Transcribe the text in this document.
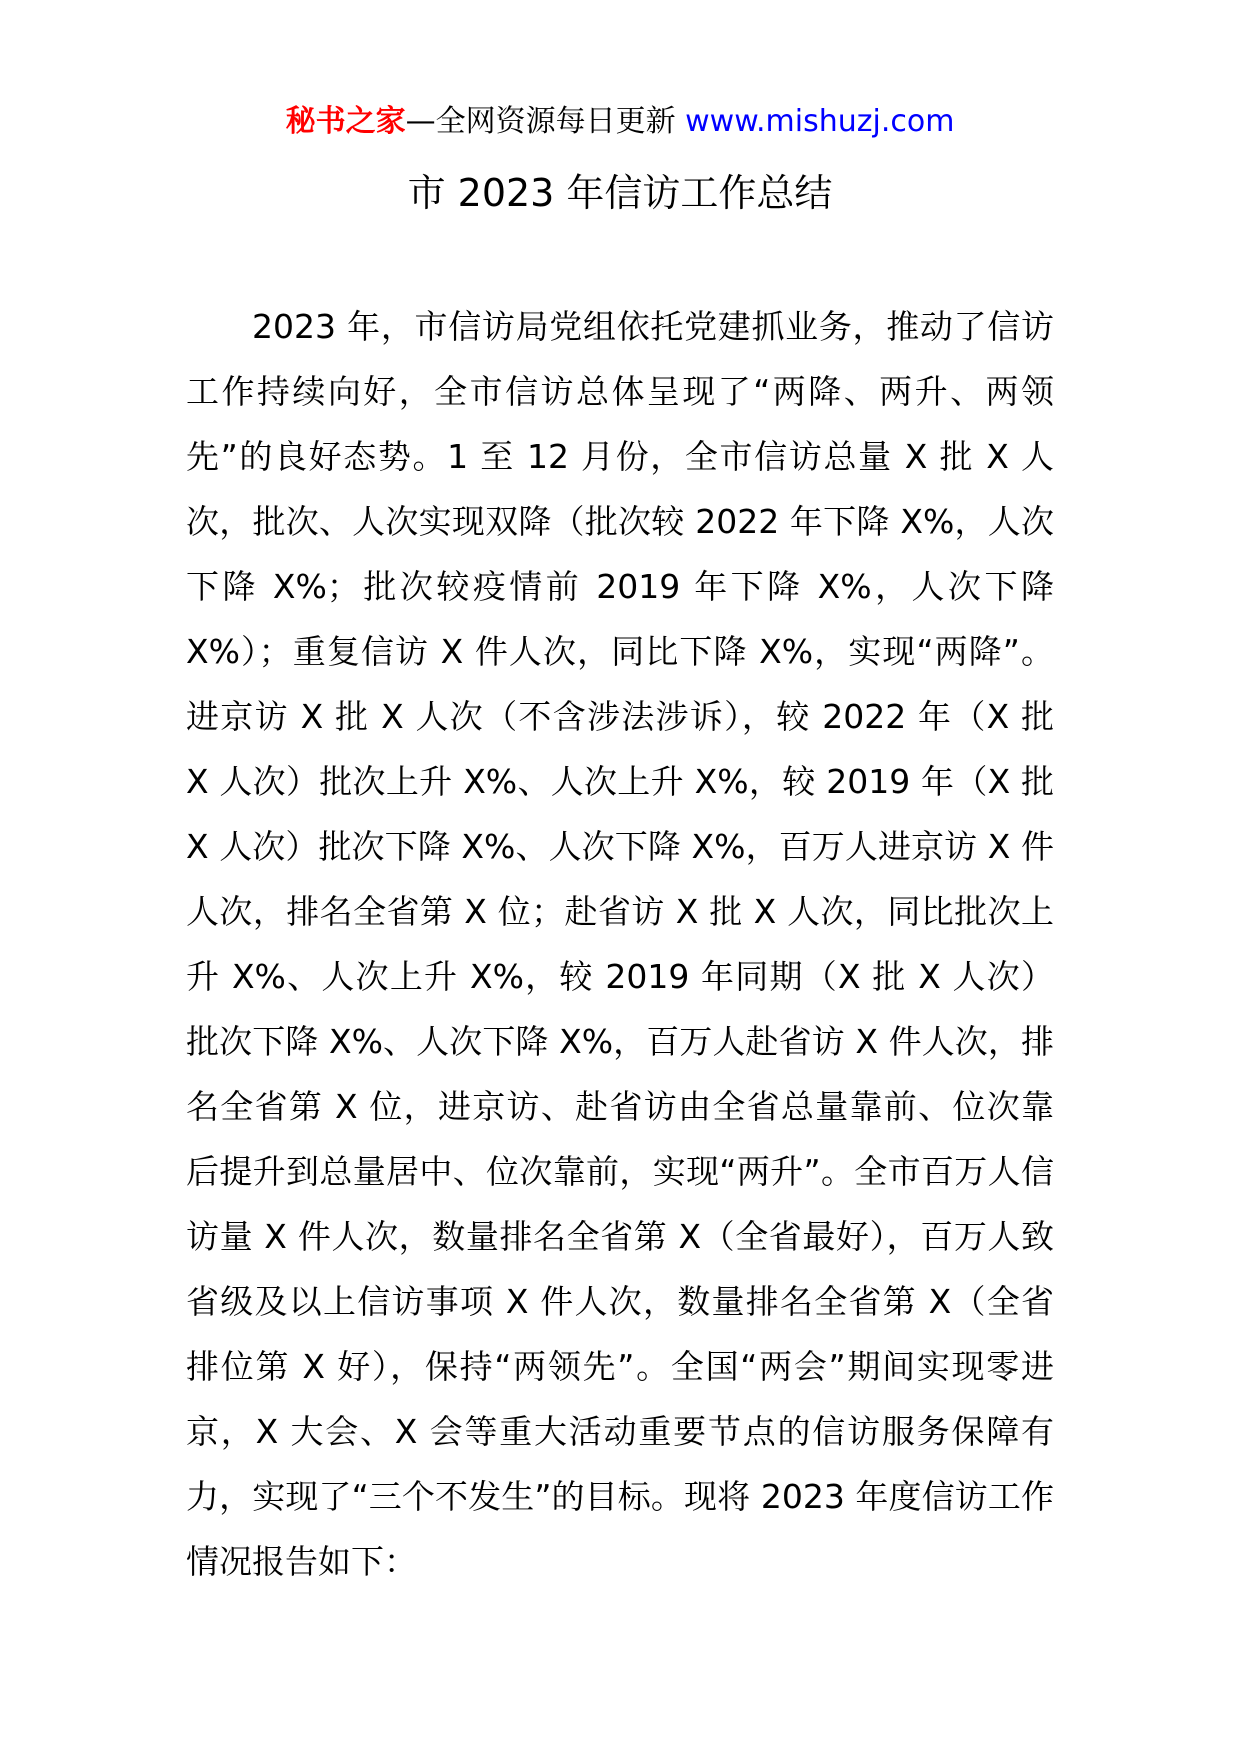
秘书之家—全网资源每日更新 www.mishuzj.com
市 2023 年信访工作总结

2023 年，市信访局党组依托党建抓业务，推动了信访工作持续向好，全市信访总体呈现了“两降、两升、两领先”的良好态势。1 至 12 月份，全市信访总量 X 批 X 人次，批次、人次实现双降（批次较 2022 年下降 X%，人次下降 X%；批次较疫情前 2019 年下降 X%，人次下降 X%）；重复信访 X 件人次，同比下降 X%，实现“两降”。进京访 X 批 X 人次（不含涉法涉诉），较 2022 年（X 批 X 人次）批次上升 X%、人次上升 X%，较 2019 年（X 批 X 人次）批次下降 X%、人次下降 X%，百万人进京访 X 件人次，排名全省第 X 位；赴省访 X 批 X 人次，同比批次上升 X%、人次上升 X%，较 2019 年同期（X 批 X 人次）批次下降 X%、人次下降 X%，百万人赴省访 X 件人次，排名全省第 X 位，进京访、赴省访由全省总量靠前、位次靠后提升到总量居中、位次靠前，实现“两升”。全市百万人信访量 X 件人次，数量排名全省第 X（全省最好），百万人致省级及以上信访事项 X 件人次，数量排名全省第 X（全省排位第 X 好），保持“两领先”。全国“两会”期间实现零进京，X 大会、X 会等重大活动重要节点的信访服务保障有力，实现了“三个不发生”的目标。现将 2023 年度信访工作情况报告如下：
